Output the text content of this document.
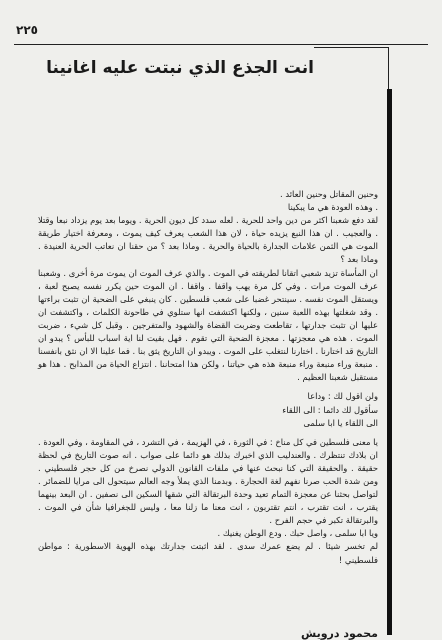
٢٢٥
انت الجذع الذي نبتت عليه اغانينا

وحنين المقاتل وحنين العائد .

. وهذه العودة هي ما يبكينا

لقد دفع شعبنا اكثر من دين واحد للحرية . لعله سدد كل ديون الحرية . ويوما بعد يوم يزداد نبعا وقتلا . والعجيب . ان هذا النبع يزيده حياة ، لان هذا الشعب يعرف كيف يموت ، ومعرفة اختيار طريقة الموت هي الثمن علامات الجدارة بالحياة والحرية . وماذا بعد ؟ من حقنا ان نعاتب الحرية العنيدة . وماذا بعد ؟

ان المأساة تزيد شعبي اتقانا لطريقته في الموت . والذي عرف الموت ان يموت مرة أخرى . وشعبنا عرف الموت مرات . وفي كل مرة يهب واقفا . واقفا . ان الموت حين يكرر نفسه يصبح لعبة ، ويستقل الموت نفسه . سينتحر غضبا على شعب فلسطين . كان ينبغي على الضحية ان تثبت براءتها . وقد شغلتها بهذه اللعبة سنين ، ولكنها اكتشفت انها ستلوي في طاحونة الكلمات ، واكتشفت ان عليها ان تثبت جدارتها ، تقاطعت وضربت القضاة والشهود والمتفرجين . وقبل كل شيء ، ضربت الموت . هذه هي معجزتها . معجزة الضحية التي تقوم . فهل بقيت لنا اية اسباب للبأس ؟ يبدو ان التاريخ قد اختارنا . اختارنا لنتغلب على الموت . ويبدو ان التاريخ يثق بنا . فما علينا الا ان نثق بانفسنا . منبعة وراء منبعة وراء منبعة هذه هي حياتنا ، ولكن هذا امتحاننا . انتزاع الحياة من المذابح . هذا هو مستقبل شعبنا العظيم .

ولن اقول لك : وداعا

سأقول لك دائما : الى اللقاء

الى اللقاء يا ابا سلمى

يا معنى فلسطين في كل مناخ : في الثورة ، في الهزيمة ، في التشرد ، في المقاومة ، وفي العودة . ان بلادك تنتظرك . والعندليب الذي اخبرك بذلك هو دائما على صواب . انه صوت التاريخ في لحظة حقيقة . والحقيقة التي كنا نبحث عنها في ملفات القانون الدولي نصرخ من كل حجر فلسطيني . ومن شدة الحب صرنا نفهم لغة الحجارة . وبدمنا الذي يملأ وجه العالم سيتحول الى مرايا للضمائر . لتواصل بحثنا عن معجزة التمام تعيد وحدة البرتقالة التي شقها السكين الى نصفين . ان البعد بينهما يقترب ، انت تقترب ، انتم تقتربون ، انت معنا ما زلنا معا ، وليس للجغرافيا شأن في الموت . والبرتقالة تكبر في حجم الفرح .

ويا ابا سلمى ، واصل حبك . ودع الوطن يغنيك .

لم تخسر شيئا . لم يضع عمرك سدى . لقد اثبتت جدارتك بهذه الهوية الاسطورية : مواطن فلسطيني !

محمود درويش
